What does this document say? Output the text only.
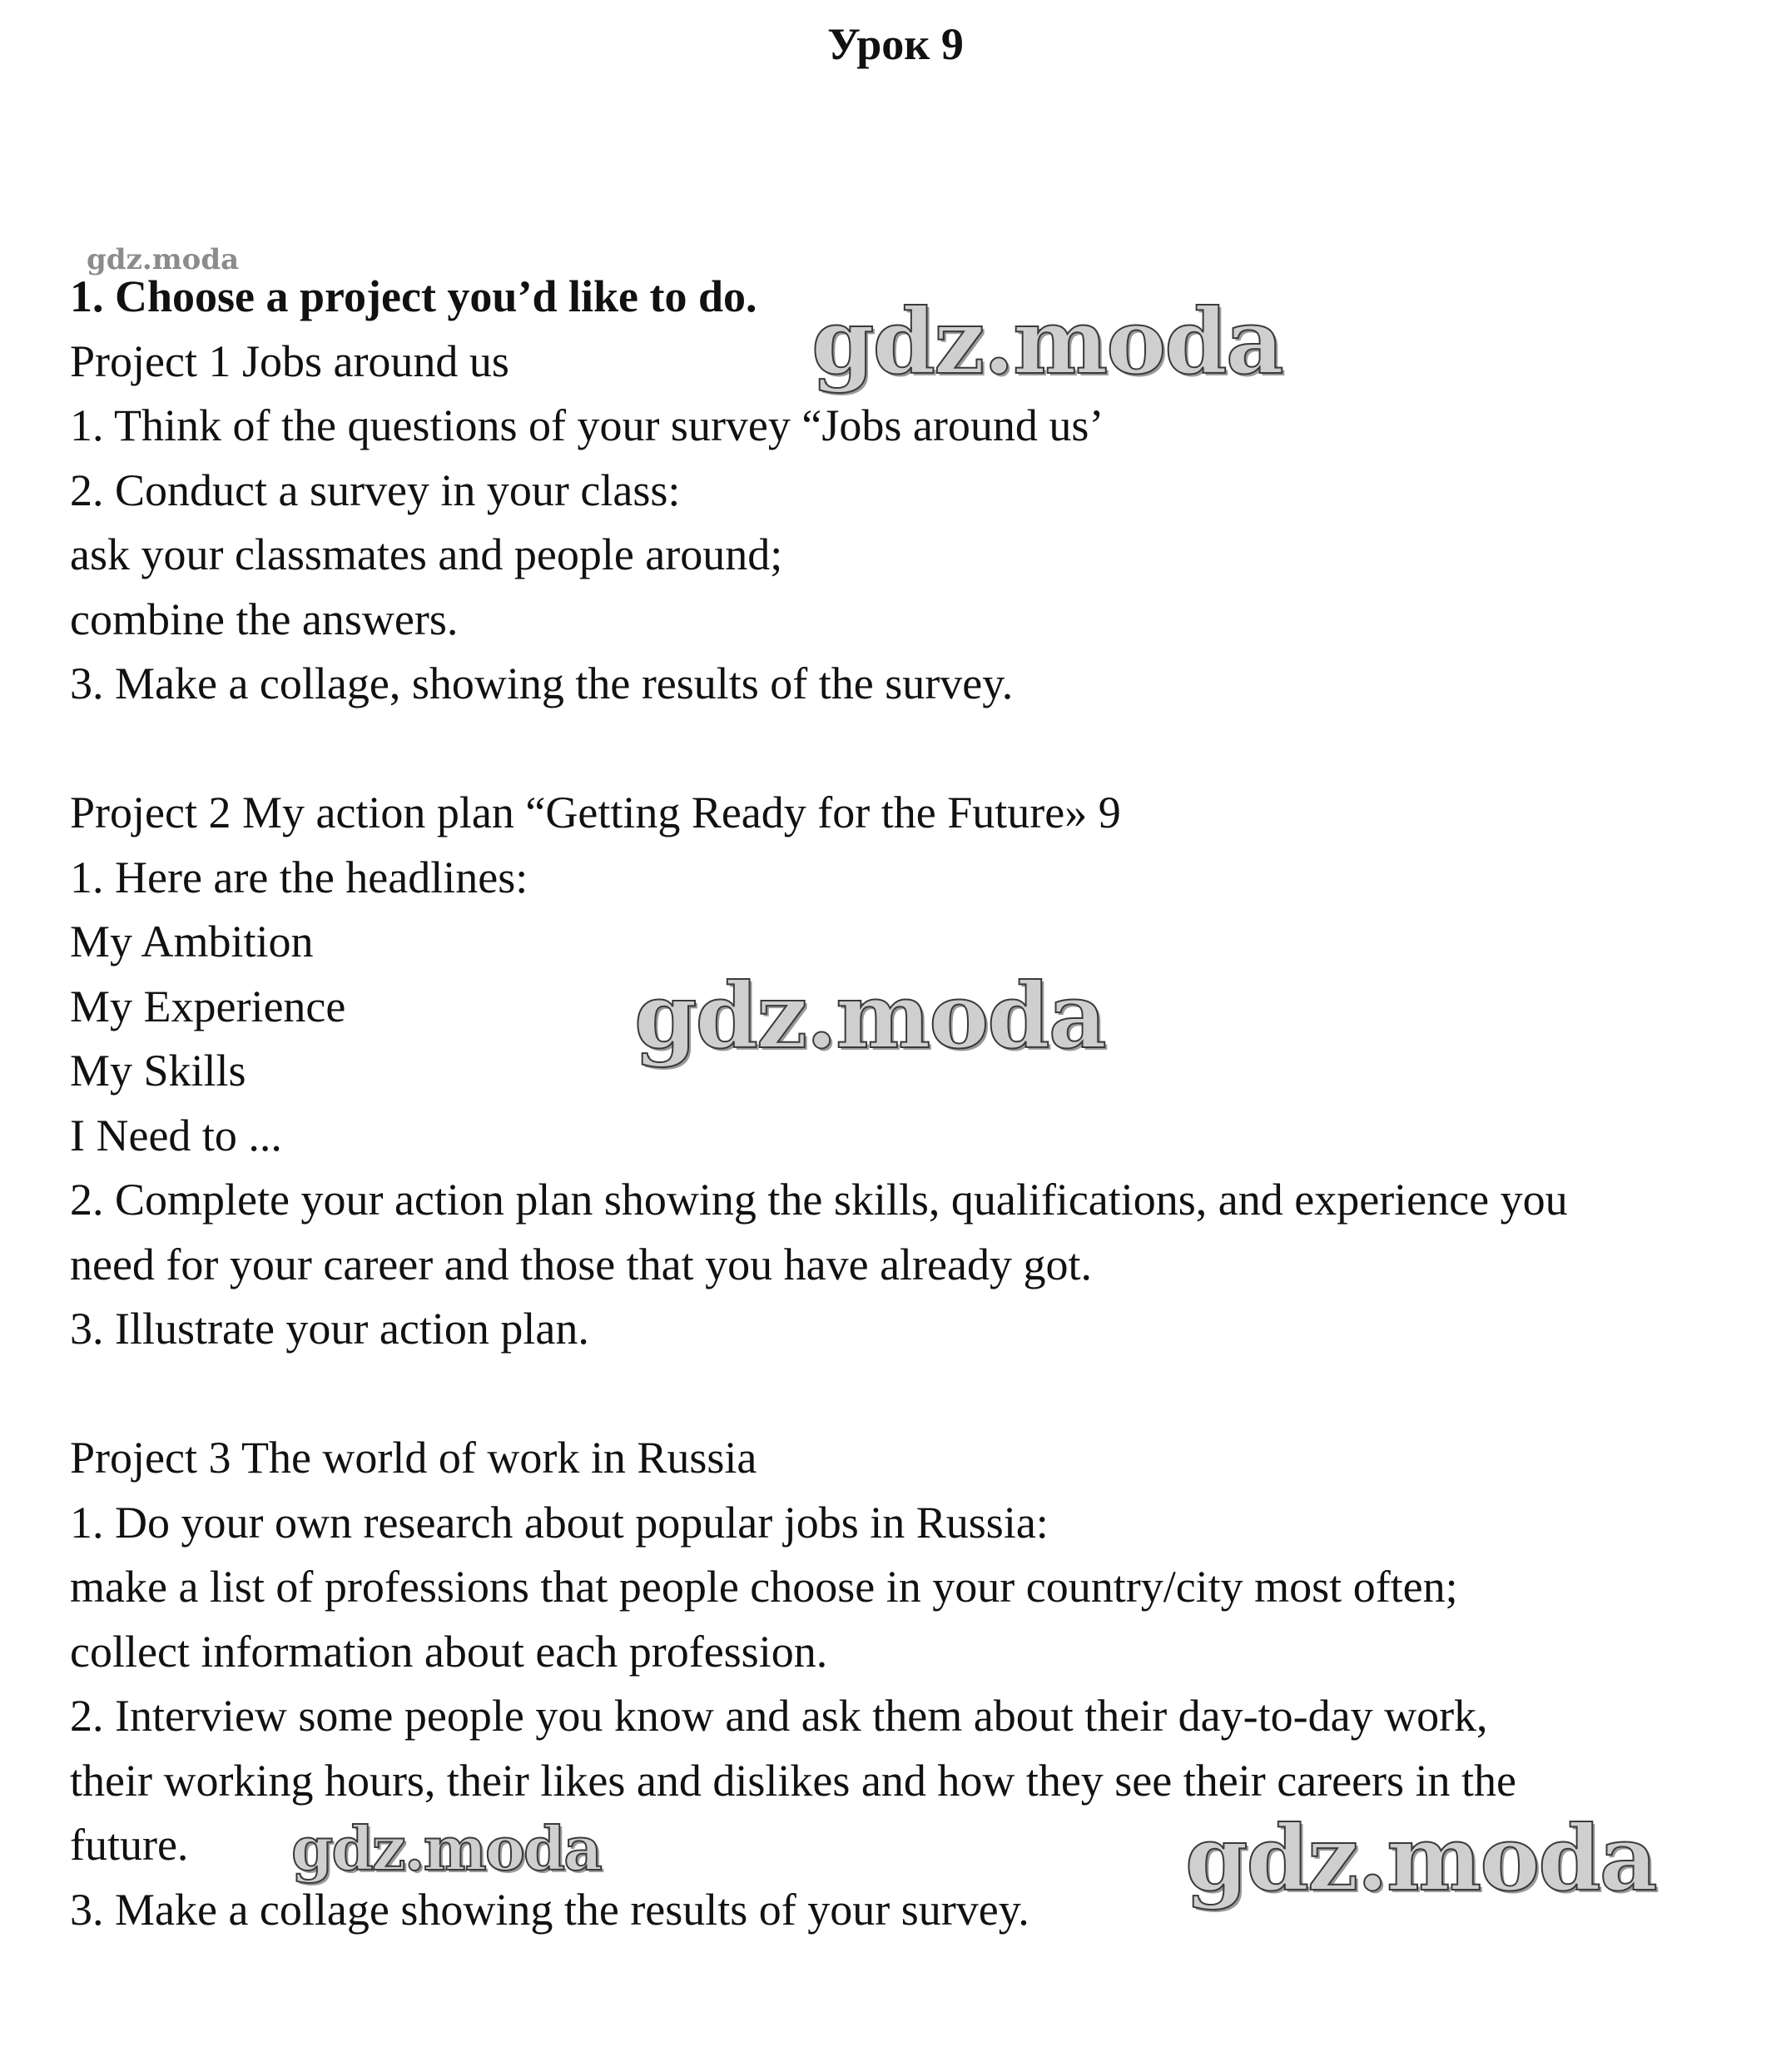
Урок 9
gdz.moda
1. Choose a project you’d like to do.
Project 1 Jobs around us
1. Think of the questions of your survey “Jobs around us’
2. Conduct a survey in your class:
ask your classmates and people around;
combine the answers.
3. Make a collage, showing the results of the survey.
Project 2 My action plan “Getting Ready for the Future» 9
1. Here are the headlines:
My Ambition
My Experience
My Skills
I Need to ...
2. Complete your action plan showing the skills, qualifications, and experience you
need for your career and those that you have already got.
3. Illustrate your action plan.
Project 3 The world of work in Russia
1. Do your own research about popular jobs in Russia:
make a list of professions that people choose in your country/city most often;
collect information about each profession.
2. Interview some people you know and ask them about their day-to-day work,
their working hours, their likes and dislikes and how they see their careers in the
future.
3. Make a collage showing the results of your survey.
gdz.moda
gdz.moda
gdz.moda	gdz.moda
